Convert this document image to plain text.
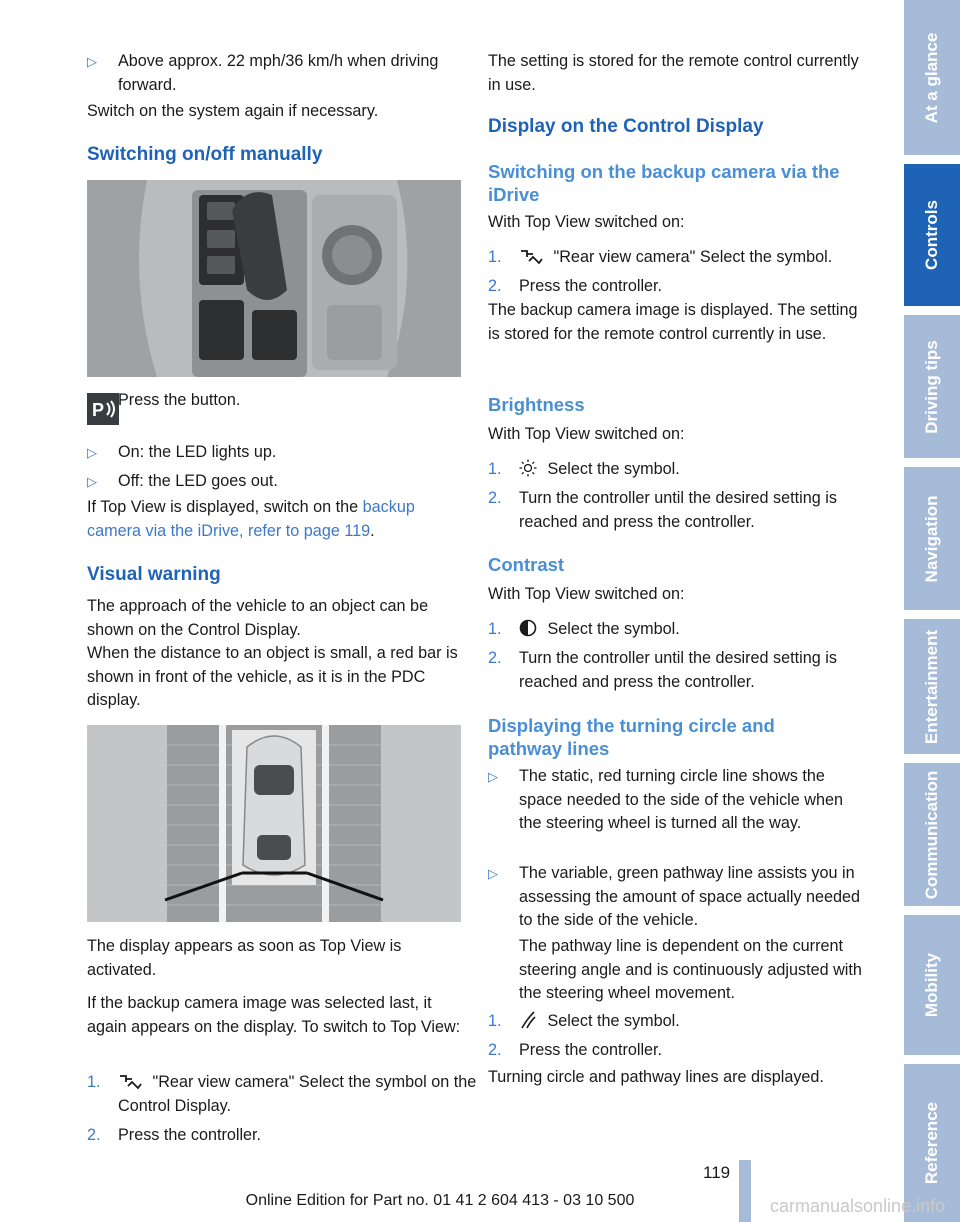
▷ Above approx. 22 mph/36 km/h when driving forward.

Switch on the system again if necessary.

Switching on/off manually
P Press the button.

▷ On: the LED lights up.
▷ Off: the LED goes out.

If Top View is displayed, switch on the backup camera via the iDrive, refer to page 119.

Visual warning

The approach of the vehicle to an object can be shown on the Control Display.

When the distance to an object is small, a red bar is shown in front of the vehicle, as it is in the PDC display.

The display appears as soon as Top View is activated.

If the backup camera image was selected last, it again appears on the display. To switch to Top View:

1.	"Rear view camera" Select the symbol on the Control Display.
2. Press the controller.

The setting is stored for the remote control currently in use.

Display on the Control Display
Switching on the backup camera via the iDrive

With Top View switched on:

1.	"Rear view camera" Select the symbol.
2. Press the controller.

The backup camera image is displayed. The setting is stored for the remote control currently in use.

Brightness

With Top View switched on:

1.	Select the symbol.
2. Turn the controller until the desired setting is reached and press the controller.
Contrast

With Top View switched on:

1.	Select the symbol.
2. Turn the controller until the desired setting is reached and press the controller.
Displaying the turning circle and pathway lines
▷ The static, red turning circle line shows the space needed to the side of the vehicle when the steering wheel is turned all the way.
▷ The variable, green pathway line assists you in assessing the amount of space actually needed to the side of the vehicle.

The pathway line is dependent on the current steering angle and is continuously adjusted with the steering wheel movement.

1.	Select the symbol.
2. Press the controller.

Turning circle and pathway lines are displayed.

At a glance
Controls
Driving tips
Navigation
Entertainment
Communication
Mobility
Reference
119
Online Edition for Part no. 01 41 2 604 413 - 03 10 500	carmanualsonline.info
